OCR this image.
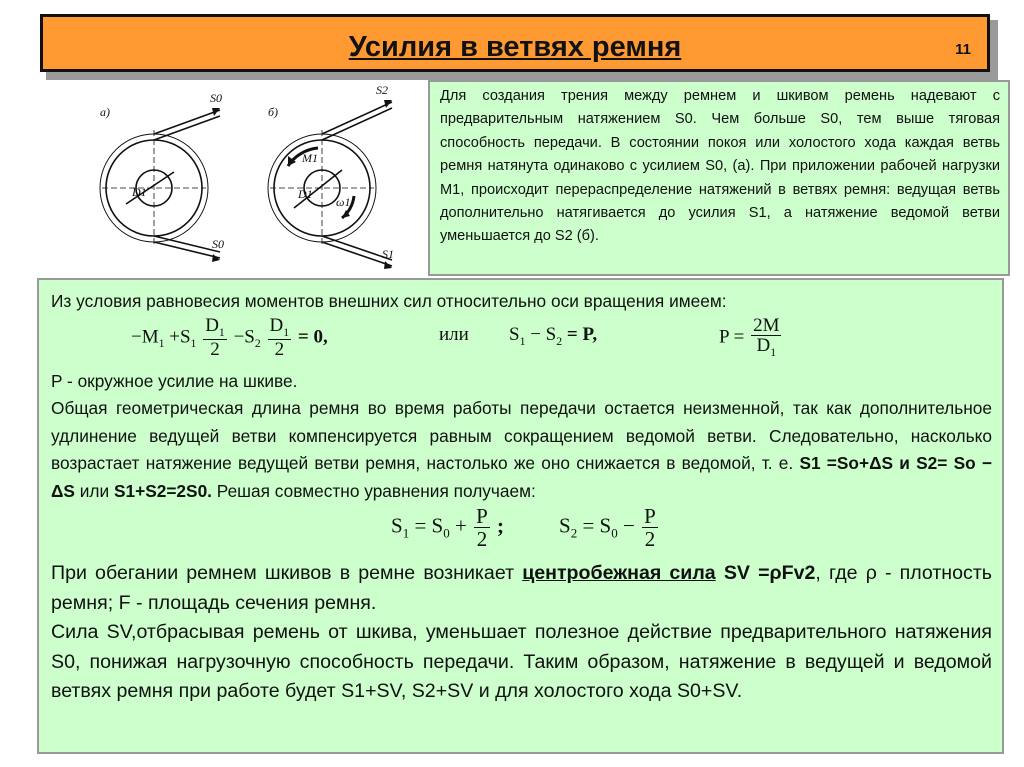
Усилия в ветвях ремня	11
а)	б)
S0
S0
D1
S2
S1
M1
D1
ω1
Для создания трения между ремнем и шкивом ремень надевают с предварительным натяжением S0. Чем больше S0, тем выше тяговая способность передачи. В состоянии покоя или холостого хода каждая ветвь ремня натянута одинаково с усилием S0, (а). При приложении рабочей нагрузки M1, происходит перераспределение натяжений в ветвях ремня: ведущая ветвь дополнительно натягивается до усилия S1, а натяжение ведомой ветви уменьшается до S2 (б).
Из условия равновесия моментов внешних сил относительно оси вращения имеем:
$-M_1 +S_1 \frac{D_1}{2} -S_2 \frac{D_1}{2} = 0$,	или $S_1 - S_2 = P$,	$P = \frac{2M}{D_1}$
P - окружное усилие на шкиве.
Общая геометрическая длина ремня во время работы передачи остается неизменной, так как дополнительное удлинение ведущей ветви компенсируется равным сокращением ведомой ветви. Следовательно, насколько возрастает натяжение ведущей ветви ремня, настолько же оно снижается в ведомой, т. е. S1 =So+ΔS и S2= So − ΔS или S1+S2=2S0. Решая совместно уравнения получаем:
$S_1 = S_0 + \frac{P}{2}$ ;	$S_2 = S_0 - \frac{P}{2}$
При обегании ремнем шкивов в ремне возникает центробежная сила SV =ρFv2, где ρ - плотность ремня; F - площадь сечения ремня.
Сила SV,отбрасывая ремень от шкива, уменьшает полезное действие предварительного натяжения S0, понижая нагрузочную способность передачи. Таким образом, натяжение в ведущей и ведомой ветвях ремня при работе будет S1+SV, S2+SV и для холостого хода S0+SV.
